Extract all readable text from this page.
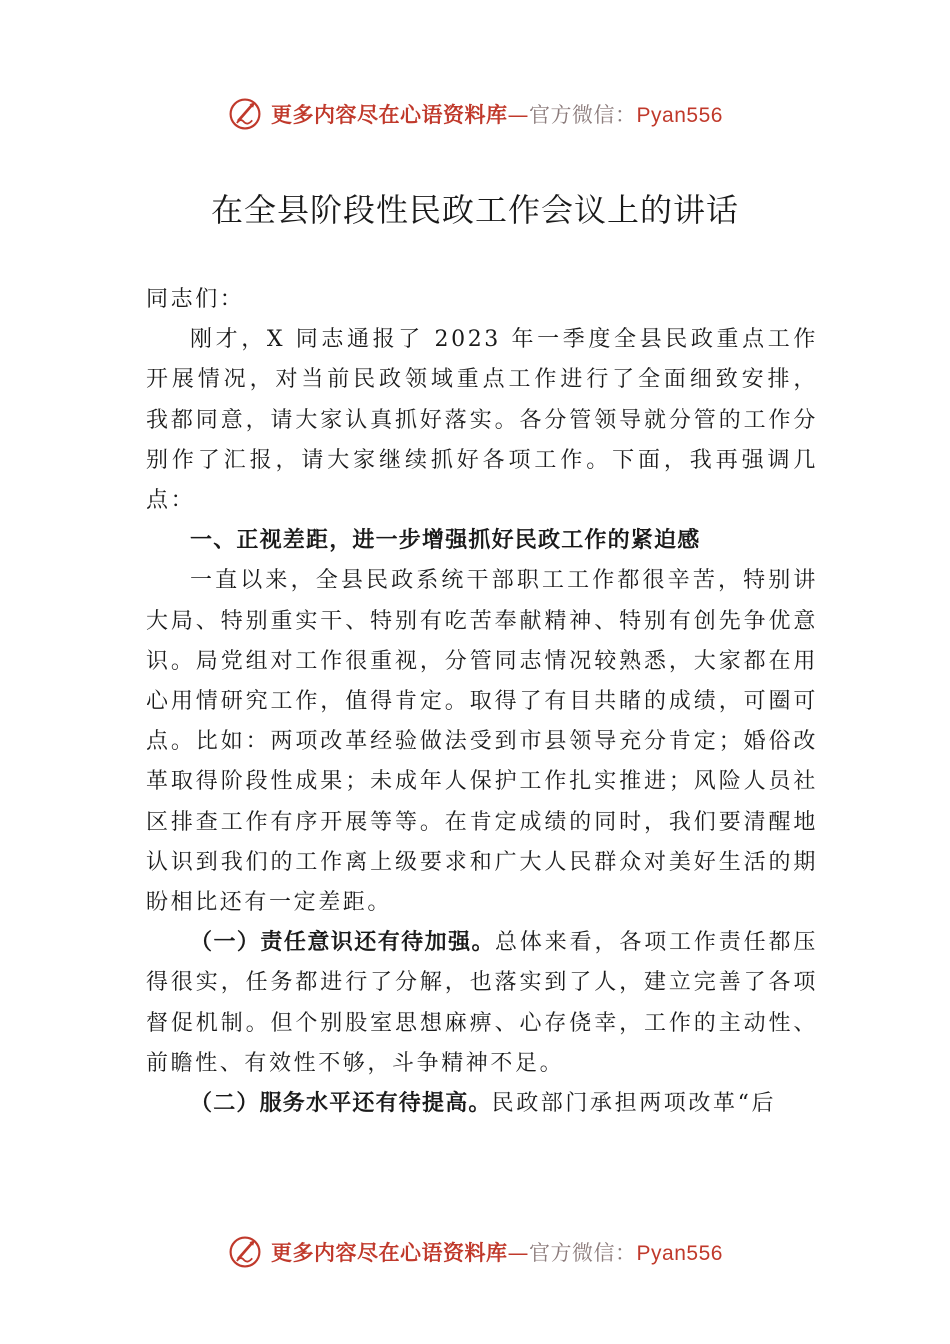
更多内容尽在心语资料库—官方微信：Pyan556
在全县阶段性民政工作会议上的讲话

同志们：

刚才，X 同志通报了 2023 年一季度全县民政重点工作开展情况，对当前民政领域重点工作进行了全面细致安排， 我都同意，请大家认真抓好落实。各分管领导就分管的工作分别作了汇报，请大家继续抓好各项工作。下面，我再强调几点：

一、正视差距，进一步增强抓好民政工作的紧迫感

一直以来，全县民政系统干部职工工作都很辛苦，特别讲大局、特别重实干、特别有吃苦奉献精神、特别有创先争优意识。局党组对工作很重视，分管同志情况较熟悉，大家都在用心用情研究工作，值得肯定。取得了有目共睹的成绩，可圈可点。比如：两项改革经验做法受到市县领导充分肯定；婚俗改革取得阶段性成果；未成年人保护工作扎实推进；风险人员社区排查工作有序开展等等。在肯定成绩的同时，我们要清醒地认识到我们的工作离上级要求和广大人民群众对美好生活的期盼相比还有一定差距。

（一）责任意识还有待加强。总体来看，各项工作责任都压得很实，任务都进行了分解，也落实到了人，建立完善了各项督促机制。但个别股室思想麻痹、心存侥幸，工作的主动性、前瞻性、有效性不够，斗争精神不足。

（二）服务水平还有待提高。民政部门承担两项改革“后

更多内容尽在心语资料库—官方微信：Pyan556
